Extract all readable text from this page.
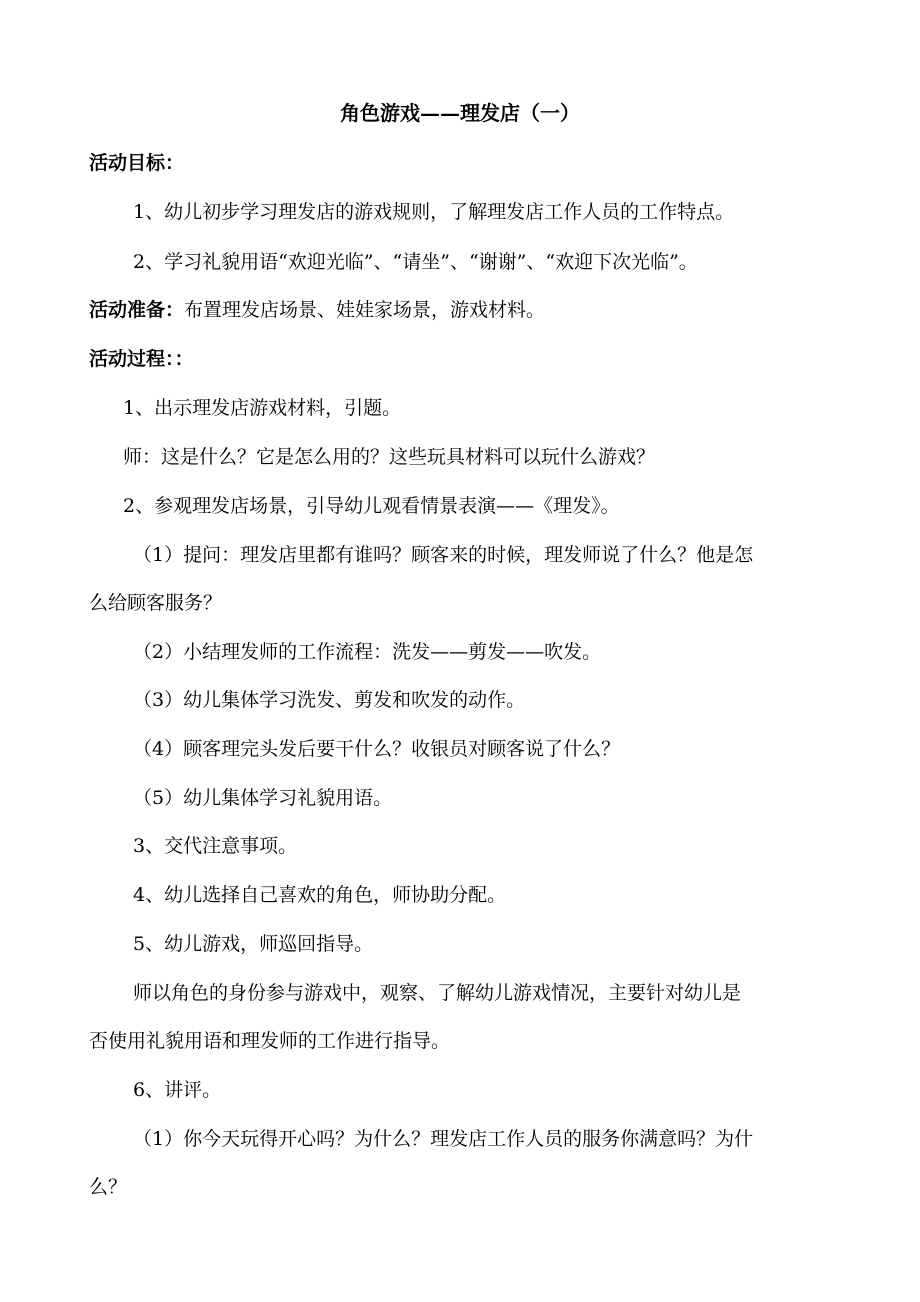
角色游戏——理发店（一）
活动目标：
1、幼儿初步学习理发店的游戏规则，了解理发店工作人员的工作特点。
2、学习礼貌用语“欢迎光临”、“请坐”、“谢谢”、“欢迎下次光临”。
活动准备：布置理发店场景、娃娃家场景，游戏材料。
活动过程：：
1、出示理发店游戏材料，引题。
师：这是什么？它是怎么用的？这些玩具材料可以玩什么游戏？
2、参观理发店场景，引导幼儿观看情景表演——《理发》。
（1）提问：理发店里都有谁吗？顾客来的时候，理发师说了什么？他是怎
么给顾客服务？
（2）小结理发师的工作流程：洗发——剪发——吹发。
（3）幼儿集体学习洗发、剪发和吹发的动作。
（4）顾客理完头发后要干什么？收银员对顾客说了什么？
（5）幼儿集体学习礼貌用语。
3、交代注意事项。
4、幼儿选择自己喜欢的角色，师协助分配。
5、幼儿游戏，师巡回指导。
师以角色的身份参与游戏中，观察、了解幼儿游戏情况，主要针对幼儿是
否使用礼貌用语和理发师的工作进行指导。
6、讲评。
（1）你今天玩得开心吗？为什么？理发店工作人员的服务你满意吗？为什
么？
